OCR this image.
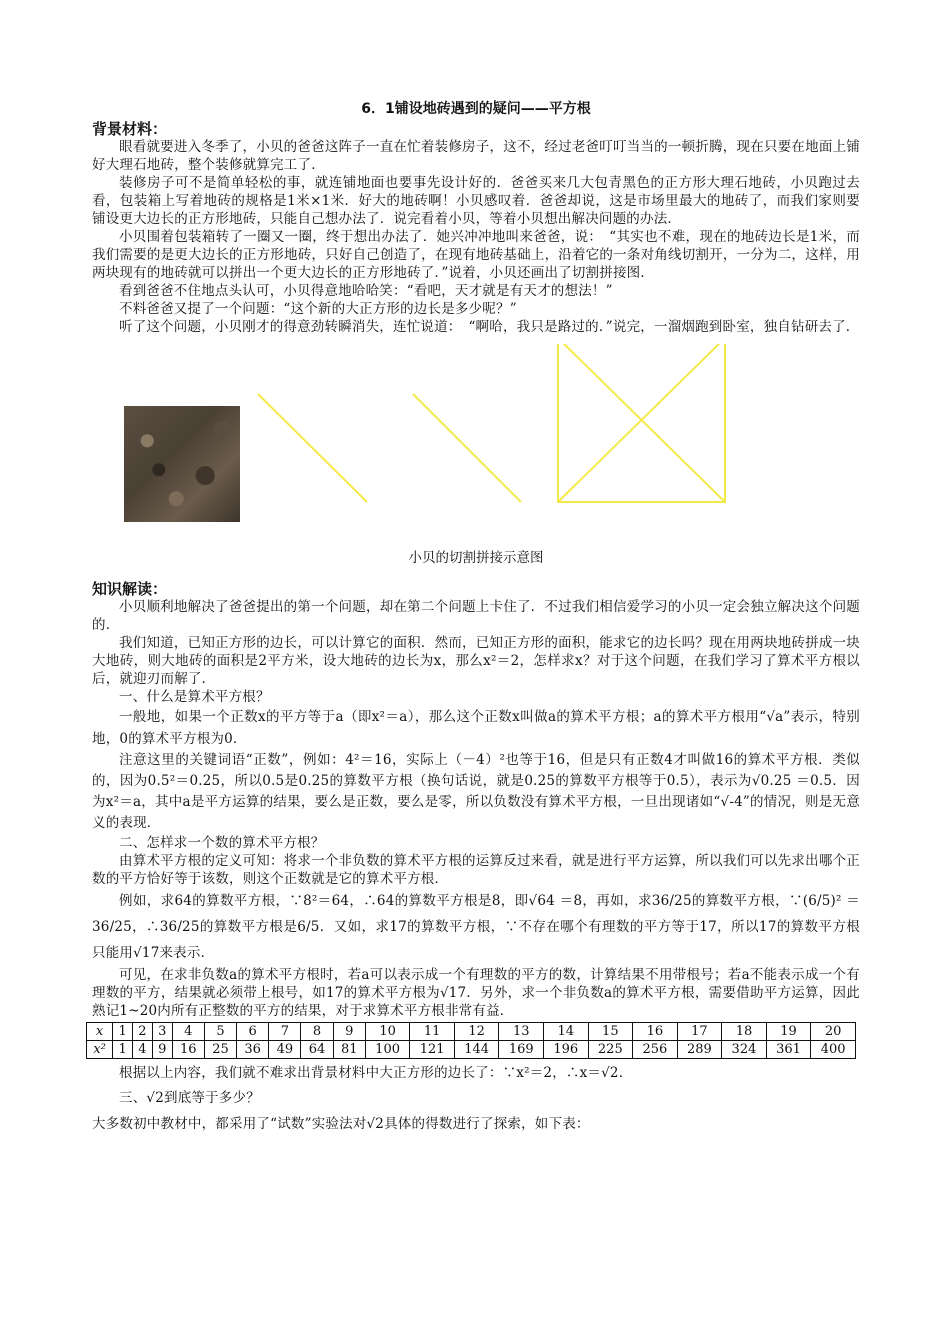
6．1铺设地砖遇到的疑问——平方根
背景材料：

眼看就要进入冬季了，小贝的爸爸这阵子一直在忙着装修房子，这不，经过老爸叮叮当当的一顿折腾，现在只要在地面上铺好大理石地砖，整个装修就算完工了．

装修房子可不是简单轻松的事，就连铺地面也要事先设计好的．爸爸买来几大包青黑色的正方形大理石地砖，小贝跑过去看，包装箱上写着地砖的规格是1米×1米．好大的地砖啊！小贝感叹着．爸爸却说，这是市场里最大的地砖了，而我们家则要铺设更大边长的正方形地砖，只能自己想办法了．说完看着小贝，等着小贝想出解决问题的办法．

小贝围着包装箱转了一圈又一圈，终于想出办法了．她兴冲冲地叫来爸爸，说：　“其实也不难，现在的地砖边长是1米，而我们需要的是更大边长的正方形地砖，只好自己创造了，在现有地砖基础上，沿着它的一条对角线切割开，一分为二，这样，用两块现有的地砖就可以拼出一个更大边长的正方形地砖了．”说着，小贝还画出了切割拼接图．

看到爸爸不住地点头认可，小贝得意地哈哈笑：“看吧，天才就是有天才的想法！”

不料爸爸又提了一个问题：“这个新的大正方形的边长是多少呢？”

听了这个问题，小贝刚才的得意劲转瞬消失，连忙说道：　“啊哈，我只是路过的．”说完，一溜烟跑到卧室，独自钻研去了．

小贝的切割拼接示意图
知识解读：

小贝顺利地解决了爸爸提出的第一个问题，却在第二个问题上卡住了．不过我们相信爱学习的小贝一定会独立解决这个问题的．

我们知道，已知正方形的边长，可以计算它的面积．然而，已知正方形的面积，能求它的边长吗？现在用两块地砖拼成一块大地砖，则大地砖的面积是2平方米，设大地砖的边长为x，那么x²＝2，怎样求x？对于这个问题，在我们学习了算术平方根以后，就迎刃而解了．

一、什么是算术平方根？

一般地，如果一个正数x的平方等于a（即x²＝a），那么这个正数x叫做a的算术平方根；a的算术平方根用“√a”表示，特别地，0的算术平方根为0．

注意这里的关键词语“正数”，例如：4²＝16，实际上（－4）²也等于16，但是只有正数4才叫做16的算术平方根．类似的，因为0.5²＝0.25，所以0.5是0.25的算数平方根（换句话说，就是0.25的算数平方根等于0.5），表示为√0.25 ＝0.5．因为x²＝a，其中a是平方运算的结果，要么是正数，要么是零，所以负数没有算术平方根，一旦出现诸如“√-4”的情况，则是无意义的表现．

二、怎样求一个数的算术平方根？

由算术平方根的定义可知：将求一个非负数的算术平方根的运算反过来看，就是进行平方运算，所以我们可以先求出哪个正数的平方恰好等于该数，则这个正数就是它的算术平方根．

例如，求64的算数平方根，∵8²＝64，∴64的算数平方根是8，即√64 ＝8，再如，求36/25的算数平方根，∵(6/5)² ＝36/25，∴36/25的算数平方根是6/5．又如，求17的算数平方根，∵不存在哪个有理数的平方等于17，所以17的算数平方根只能用√17来表示．

可见，在求非负数a的算术平方根时，若a可以表示成一个有理数的平方的数，计算结果不用带根号；若a不能表示成一个有理数的平方，结果就必须带上根号，如17的算术平方根为√17．另外，求一个非负数a的算术平方根，需要借助平方运算，因此熟记1~20内所有正整数的平方的结果，对于求算术平方根非常有益．

x	1	2	3	4	5	6	7	8	9	10	11	12	13	14	15	16	17	18	19	20
x²	1	4	9	16	25	36	49	64	81	100	121	144	169	196	225	256	289	324	361	400

根据以上内容，我们就不难求出背景材料中大正方形的边长了：∵x²＝2，∴x＝√2．

三、√2到底等于多少？

大多数初中教材中，都采用了“试数”实验法对√2具体的得数进行了探索，如下表：
